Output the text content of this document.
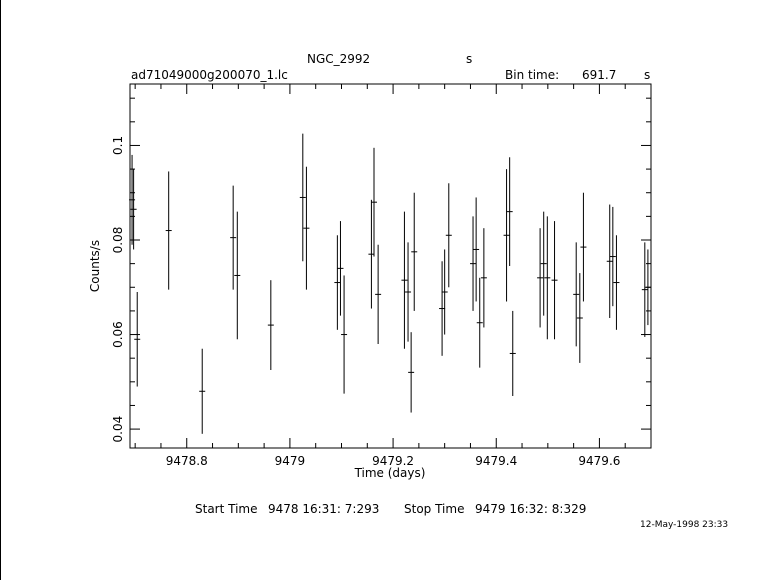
NGC_2992	s
ad71049000g200070_1.lc	Bin time: 691.7 s
9478.8	9479	9479.2	9479.4	9479.6
0.04
0.06
0.08
0.1
Time (days)
Counts/s
Start Time 9478 16:31: 7:293 Stop Time 9479 16:32: 8:329
12-May-1998 23:33
